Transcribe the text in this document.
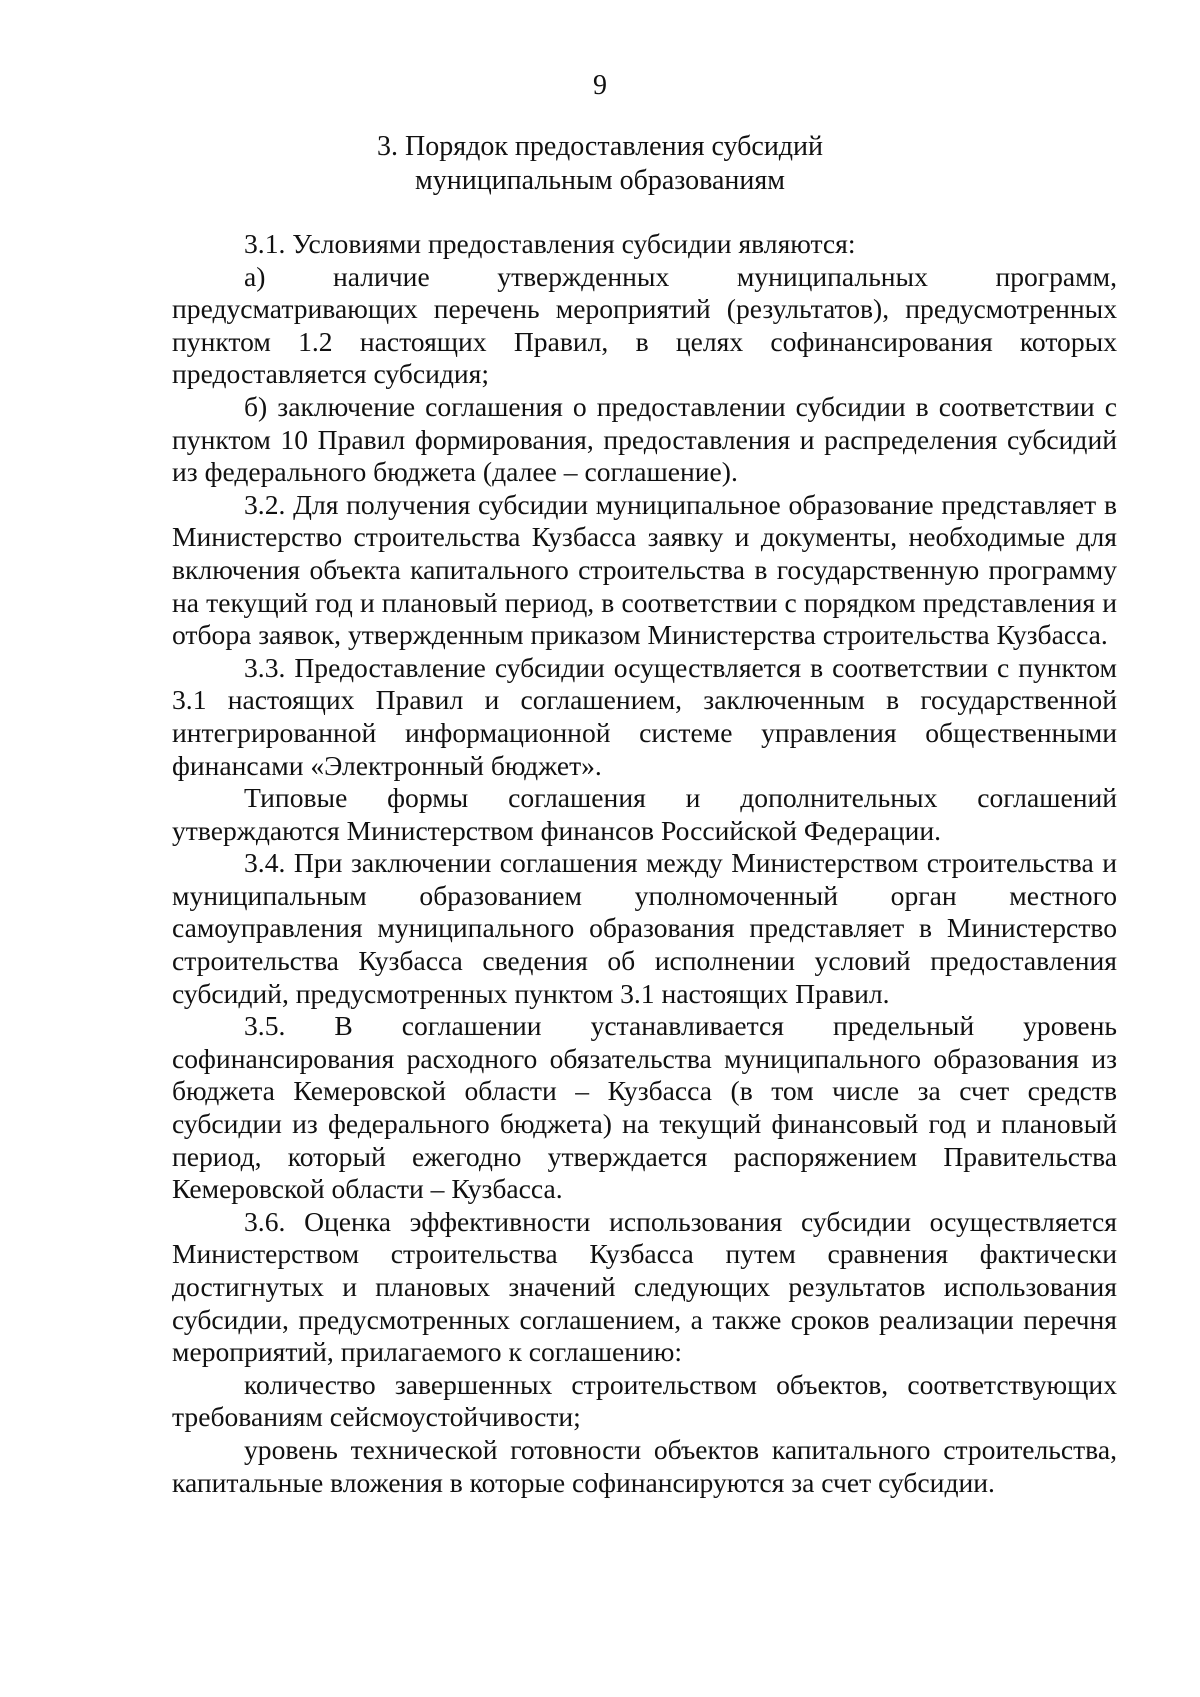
9
3. Порядок предоставления субсидий
муниципальным образованиям

3.1. Условиями предоставления субсидии являются:

а) наличие утвержденных муниципальных программ, предусматривающих перечень мероприятий (результатов), предусмотренных пунктом 1.2 настоящих Правил, в целях софинансирования которых предоставляется субсидия;

б) заключение соглашения о предоставлении субсидии в соответствии с пунктом 10 Правил формирования, предоставления и распределения субсидий из федерального бюджета (далее – соглашение).

3.2. Для получения субсидии муниципальное образование представляет в Министерство строительства Кузбасса заявку и документы, необходимые для включения объекта капитального строительства в государственную программу на текущий год и плановый период, в соответствии с порядком представления и отбора заявок, утвержденным приказом Министерства строительства Кузбасса.

3.3. Предоставление субсидии осуществляется в соответствии с пунктом 3.1 настоящих Правил и соглашением, заключенным в государственной интегрированной информационной системе управления общественными финансами «Электронный бюджет».

Типовые формы соглашения и дополнительных соглашений утверждаются Министерством финансов Российской Федерации.

3.4. При заключении соглашения между Министерством строительства и муниципальным образованием уполномоченный орган местного самоуправления муниципального образования представляет в Министерство строительства Кузбасса сведения об исполнении условий предоставления субсидий, предусмотренных пунктом 3.1 настоящих Правил.

3.5. В соглашении устанавливается предельный уровень софинансирования расходного обязательства муниципального образования из бюджета Кемеровской области – Кузбасса (в том числе за счет средств субсидии из федерального бюджета) на текущий финансовый год и плановый период, который ежегодно утверждается распоряжением Правительства Кемеровской области – Кузбасса.

3.6. Оценка эффективности использования субсидии осуществляется Министерством строительства Кузбасса путем сравнения фактически достигнутых и плановых значений следующих результатов использования субсидии, предусмотренных соглашением, а также сроков реализации перечня мероприятий, прилагаемого к соглашению:

количество завершенных строительством объектов, соответствующих требованиям сейсмоустойчивости;

уровень технической готовности объектов капитального строительства, капитальные вложения в которые софинансируются за счет субсидии.
